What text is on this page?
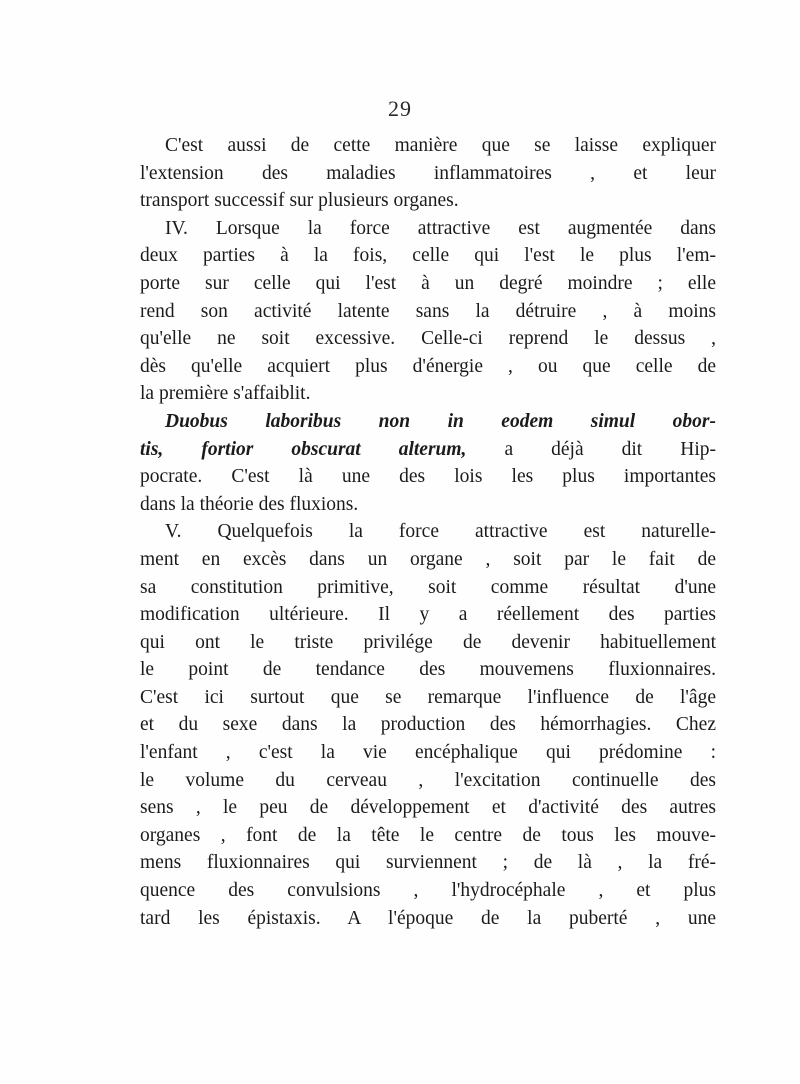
29
C'est aussi de cette manière que se laisse expliquer
l'extension des maladies inflammatoires , et leur
transport successif sur plusieurs organes.
IV. Lorsque la force attractive est augmentée dans
deux parties à la fois, celle qui l'est le plus l'em-
porte sur celle qui l'est à un degré moindre ; elle
rend son activité latente sans la détruire , à moins
qu'elle ne soit excessive. Celle-ci reprend le dessus ,
dès qu'elle acquiert plus d'énergie , ou que celle de
la première s'affaiblit.
Duobus laboribus non in eodem simul obor-
tis, fortior obscurat alterum, a déjà dit Hip-
pocrate. C'est là une des lois les plus importantes
dans la théorie des fluxions.
V. Quelquefois la force attractive est naturelle-
ment en excès dans un organe , soit par le fait de
sa constitution primitive, soit comme résultat d'une
modification ultérieure. Il y a réellement des parties
qui ont le triste privilége de devenir habituellement
le point de tendance des mouvemens fluxionnaires.
C'est ici surtout que se remarque l'influence de l'âge
et du sexe dans la production des hémorrhagies. Chez
l'enfant , c'est la vie encéphalique qui prédomine :
le volume du cerveau , l'excitation continuelle des
sens , le peu de développement et d'activité des autres
organes , font de la tête le centre de tous les mouve-
mens fluxionnaires qui surviennent ; de là , la fré-
quence des convulsions , l'hydrocéphale , et plus
tard les épistaxis. A l'époque de la puberté , une
